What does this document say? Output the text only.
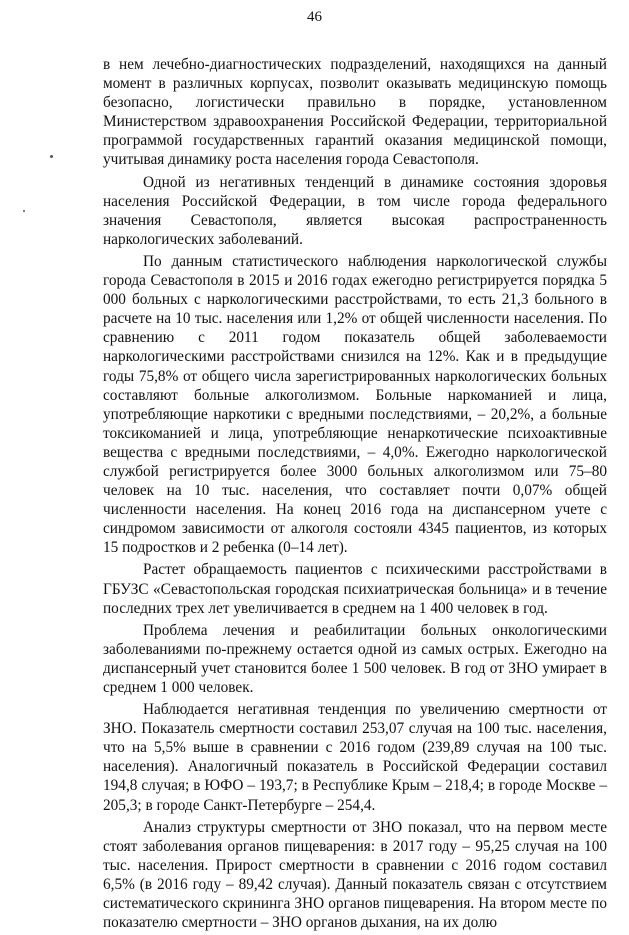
46

в нем лечебно-диагностических подразделений, находящихся на данный момент в различных корпусах, позволит оказывать медицинскую помощь безопасно, логистически правильно в порядке, установленном Министерством здравоохранения Российской Федерации, территориальной программой государственных гарантий оказания медицинской помощи, учитывая динамику роста населения города Севастополя.

Одной из негативных тенденций в динамике состояния здоровья населения Российской Федерации, в том числе города федерального значения Севастополя, является высокая распространенность наркологических заболеваний.

По данным статистического наблюдения наркологической службы города Севастополя в 2015 и 2016 годах ежегодно регистрируется порядка 5 000 больных с наркологическими расстройствами, то есть 21,3 больного в расчете на 10 тыс. населения или 1,2% от общей численности населения. По сравнению с 2011 годом показатель общей заболеваемости наркологическими расстройствами снизился на 12%. Как и в предыдущие годы 75,8% от общего числа зарегистрированных наркологических больных составляют больные алкоголизмом. Больные наркоманией и лица, употребляющие наркотики с вредными последствиями, – 20,2%, а больные токсикоманией и лица, употребляющие ненаркотические психоактивные вещества с вредными последствиями, – 4,0%. Ежегодно наркологической службой регистрируется более 3000 больных алкоголизмом или 75–80 человек на 10 тыс. населения, что составляет почти 0,07% общей численности населения. На конец 2016 года на диспансерном учете с синдромом зависимости от алкоголя состояли 4345 пациентов, из которых 15 подростков и 2 ребенка (0–14 лет).

Растет обращаемость пациентов с психическими расстройствами в ГБУЗС «Севастопольская городская психиатрическая больница» и в течение последних трех лет увеличивается в среднем на 1 400 человек в год.

Проблема лечения и реабилитации больных онкологическими заболеваниями по-прежнему остается одной из самых острых. Ежегодно на диспансерный учет становится более 1 500 человек. В год от ЗНО умирает в среднем 1 000 человек.

Наблюдается негативная тенденция по увеличению смертности от ЗНО. Показатель смертности составил 253,07 случая на 100 тыс. населения, что на 5,5% выше в сравнении с 2016 годом (239,89 случая на 100 тыс. населения). Аналогичный показатель в Российской Федерации составил 194,8 случая; в ЮФО – 193,7; в Республике Крым – 218,4; в городе Москве – 205,3; в городе Санкт-Петербурге – 254,4.

Анализ структуры смертности от ЗНО показал, что на первом месте стоят заболевания органов пищеварения: в 2017 году – 95,25 случая на 100 тыс. населения. Прирост смертности в сравнении с 2016 годом составил 6,5% (в 2016 году – 89,42 случая). Данный показатель связан с отсутствием систематического скрининга ЗНО органов пищеварения. На втором месте по показателю смертности – ЗНО органов дыхания, на их долю
